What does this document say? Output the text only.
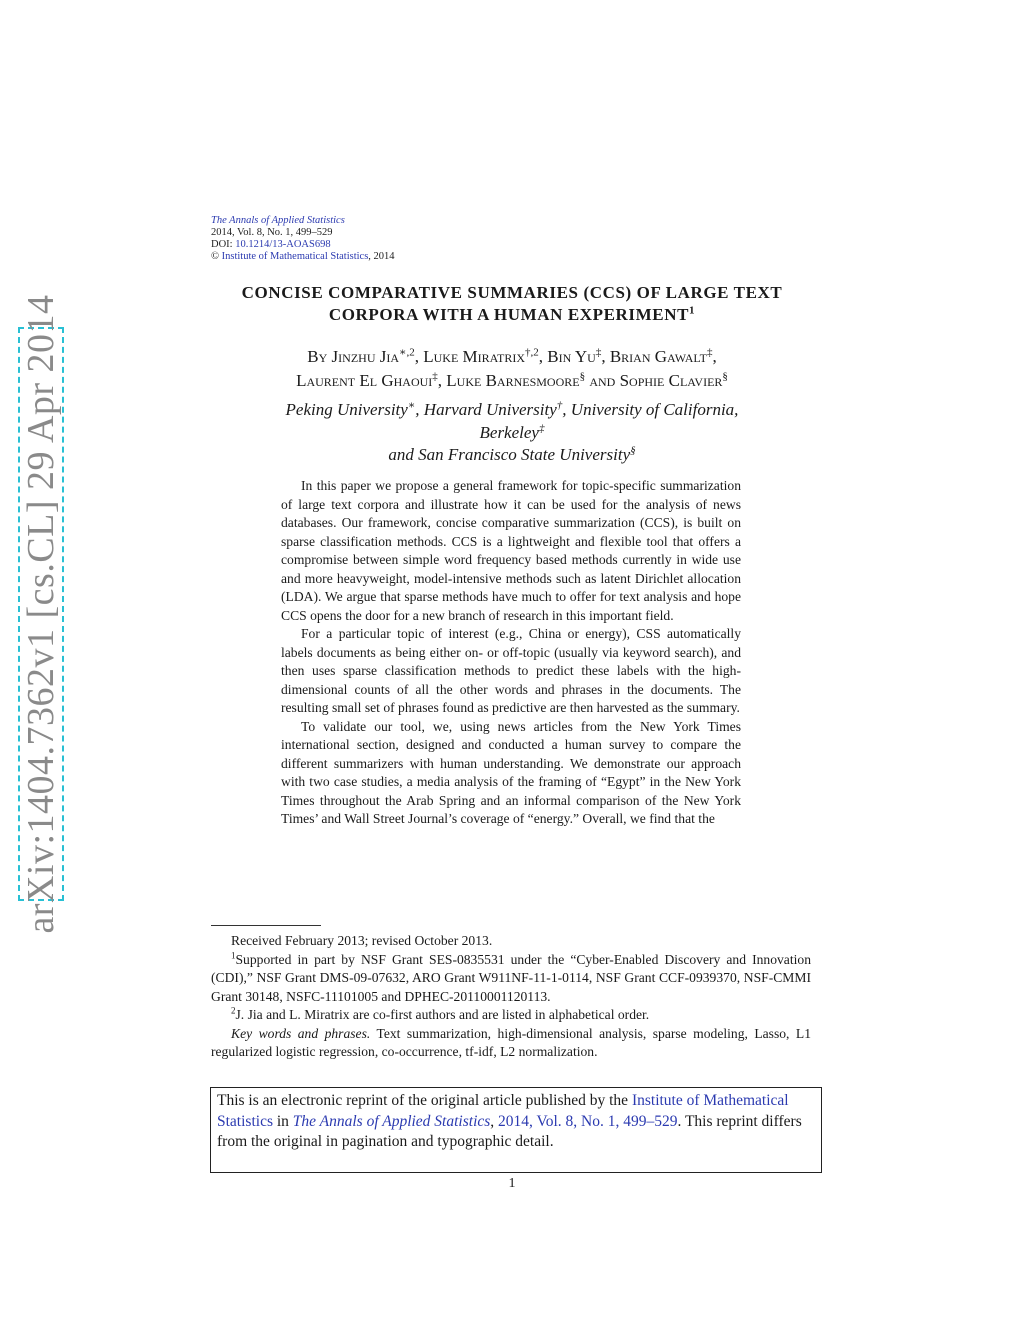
arXiv:1404.7362v1 [cs.CL] 29 Apr 2014
The Annals of Applied Statistics
2014, Vol. 8, No. 1, 499–529
DOI: 10.1214/13-AOAS698
© Institute of Mathematical Statistics, 2014
CONCISE COMPARATIVE SUMMARIES (CCS) OF LARGE TEXT
CORPORA WITH A HUMAN EXPERIMENT$^1$
By Jinzhu Jia$^{∗,2}$, Luke Miratrix$^{\dagger,2}$, Bin Yu‡, Brian Gawalt‡,
Laurent El Ghaoui‡, Luke Barnesmoore§ and Sophie Clavier§
Peking University∗, Harvard University†, University of California,
Berkeley‡
and San Francisco State University§

In this paper we propose a general framework for topic-specific summarization of large text corpora and illustrate how it can be used for the analysis of news databases. Our framework, concise comparative summarization (CCS), is built on sparse classification methods. CCS is a lightweight and flexible tool that offers a compromise between simple word frequency based methods currently in wide use and more heavyweight, model-intensive methods such as latent Dirichlet allocation (LDA). We argue that sparse methods have much to offer for text analysis and hope CCS opens the door for a new branch of research in this important field.

For a particular topic of interest (e.g., China or energy), CSS automatically labels documents as being either on- or off-topic (usually via keyword search), and then uses sparse classification methods to predict these labels with the high-dimensional counts of all the other words and phrases in the documents. The resulting small set of phrases found as predictive are then harvested as the summary.

To validate our tool, we, using news articles from the New York Times international section, designed and conducted a human survey to compare the different summarizers with human understanding. We demonstrate our approach with two case studies, a media analysis of the framing of “Egypt” in the New York Times throughout the Arab Spring and an informal comparison of the New York Times’ and Wall Street Journal’s coverage of “energy.” Overall, we find that the

Received February 2013; revised October 2013.

$^1$Supported in part by NSF Grant SES-0835531 under the “Cyber-Enabled Discovery and Innovation (CDI),” NSF Grant DMS-09-07632, ARO Grant W911NF-11-1-0114, NSF Grant CCF-0939370, NSF-CMMI Grant 30148, NSFC-11101005 and DPHEC-20110001120113.

$^2$J. Jia and L. Miratrix are co-first authors and are listed in alphabetical order.

Key words and phrases. Text summarization, high-dimensional analysis, sparse modeling, Lasso, L1 regularized logistic regression, co-occurrence, tf-idf, L2 normalization.

This is an electronic reprint of the original article published by the Institute of Mathematical Statistics in The Annals of Applied Statistics, 2014, Vol. 8, No. 1, 499–529. This reprint differs from the original in pagination and typographic detail.
1
